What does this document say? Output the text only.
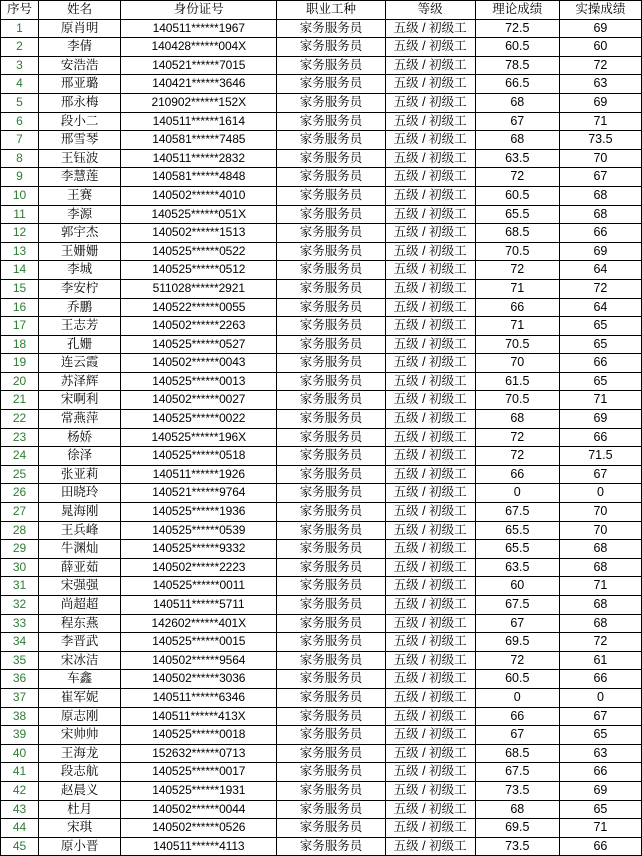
序号	姓名	身份证号	职业工种	等级	理论成绩	实操成绩
1	原肖明	140511******1967	家务服务员	五级 / 初级工	72.5	69
2	李倩	140428******004X	家务服务员	五级 / 初级工	60.5	60
3	安浩浩	140521******7015	家务服务员	五级 / 初级工	78.5	72
4	邢亚璐	140421******3646	家务服务员	五级 / 初级工	66.5	63
5	邢永梅	210902******152X	家务服务员	五级 / 初级工	68	69
6	段小二	140511******1614	家务服务员	五级 / 初级工	67	71
7	邢雪琴	140581******7485	家务服务员	五级 / 初级工	68	73.5
8	王钰波	140511******2832	家务服务员	五级 / 初级工	63.5	70
9	李慧莲	140581******4848	家务服务员	五级 / 初级工	72	67
10	王赛	140502******4010	家务服务员	五级 / 初级工	60.5	68
11	李源	140525******051X	家务服务员	五级 / 初级工	65.5	68
12	郭宇杰	140502******1513	家务服务员	五级 / 初级工	68.5	66
13	王姗姗	140525******0522	家务服务员	五级 / 初级工	70.5	69
14	李城	140525******0512	家务服务员	五级 / 初级工	72	64
15	李安柠	511028******2921	家务服务员	五级 / 初级工	71	72
16	乔鹏	140522******0055	家务服务员	五级 / 初级工	66	64
17	王志芳	140502******2263	家务服务员	五级 / 初级工	71	65
18	孔姗	140525******0527	家务服务员	五级 / 初级工	70.5	65
19	连云霞	140502******0043	家务服务员	五级 / 初级工	70	66
20	苏泽辉	140525******0013	家务服务员	五级 / 初级工	61.5	65
21	宋啊利	140502******0027	家务服务员	五级 / 初级工	70.5	71
22	常燕萍	140525******0022	家务服务员	五级 / 初级工	68	69
23	杨娇	140525******196X	家务服务员	五级 / 初级工	72	66
24	徐泽	140525******0518	家务服务员	五级 / 初级工	72	71.5
25	张亚莉	140511******1926	家务服务员	五级 / 初级工	66	67
26	田晓玲	140521******9764	家务服务员	五级 / 初级工	0	0
27	晁海刚	140525******1936	家务服务员	五级 / 初级工	67.5	70
28	王兵峰	140525******0539	家务服务员	五级 / 初级工	65.5	70
29	牛渊灿	140525******9332	家务服务员	五级 / 初级工	65.5	68
30	薛亚茹	140502******2223	家务服务员	五级 / 初级工	63.5	68
31	宋强强	140525******0011	家务服务员	五级 / 初级工	60	71
32	尚超超	140511******5711	家务服务员	五级 / 初级工	67.5	68
33	程东燕	142602******401X	家务服务员	五级 / 初级工	67	68
34	李晋武	140525******0015	家务服务员	五级 / 初级工	69.5	72
35	宋冰洁	140502******9564	家务服务员	五级 / 初级工	72	61
36	车鑫	140502******3036	家务服务员	五级 / 初级工	60.5	66
37	崔军妮	140511******6346	家务服务员	五级 / 初级工	0	0
38	原志刚	140511******413X	家务服务员	五级 / 初级工	66	67
39	宋帅帅	140525******0018	家务服务员	五级 / 初级工	67	65
40	王海龙	152632******0713	家务服务员	五级 / 初级工	68.5	63
41	段志航	140525******0017	家务服务员	五级 / 初级工	67.5	66
42	赵晨义	140525******1931	家务服务员	五级 / 初级工	73.5	69
43	杜月	140502******0044	家务服务员	五级 / 初级工	68	65
44	宋琪	140502******0526	家务服务员	五级 / 初级工	69.5	71
45	原小晋	140511******4113	家务服务员	五级 / 初级工	73.5	66
